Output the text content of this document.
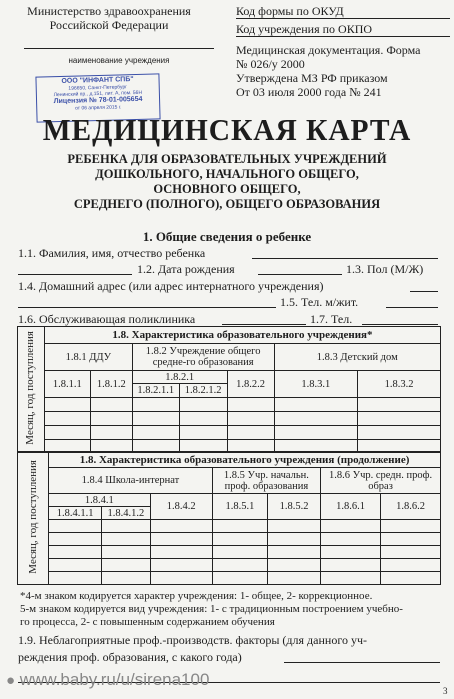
Министерство здравоохранения
Российской Федерации
наименование учреждения
ООО "ИНФАНТ СПБ"
196650, Санкт-Петербург
Ленинский пр., д.151, лит. А, пом. 56Н
Лицензия № 78-01-005654
от 06 апреля 2015 г.
Код формы по ОКУД
Код учреждения по ОКПО
Медицинская документация. Форма
№ 026/у 2000
Утверждена МЗ РФ приказом
От 03 июля 2000 года № 241
МЕДИЦИНСКАЯ КАРТА
РЕБЕНКА ДЛЯ ОБРАЗОВАТЕЛЬНЫХ УЧРЕЖДЕНИЙ
ДОШКОЛЬНОГО, НАЧАЛЬНОГО ОБЩЕГО,
ОСНОВНОГО ОБЩЕГО,
СРЕДНЕГО (ПОЛНОГО), ОБЩЕГО ОБРАЗОВАНИЯ
1. Общие сведения о ребенке
1.1. Фамилия, имя, отчество ребенка
1.2. Дата рождения	1.3. Пол (М/Ж)
1.4. Домашний адрес (или адрес интернатного учреждения)
1.5. Тел. м/жит.
1.6. Обслуживающая поликлиника	1.7. Тел.
Месяц, год поступления	1.8. Характеристика образовательного учреждения*						
	1.8.1 ДДУ		1.8.2 Учреждение общего средне-го образования			1.8.3 Детский дом	
	1.8.1.1	1.8.1.2	1.8.2.1		1.8.2.2	1.8.3.1	1.8.3.2
			1.8.2.1.1	1.8.2.1.2			

Месяц, год поступления	1.8. Характеристика образовательного учреждения (продолжение)						
	1.8.4 Школа-интернат			1.8.5 Учр. начальн. проф. образования		1.8.6 Учр. средн. проф. образ	
	1.8.4.1		1.8.4.2	1.8.5.1	1.8.5.2	1.8.6.1	1.8.6.2
	1.8.4.1.1	1.8.4.1.2					

*4-м знаком кодируется характер учреждения: 1- общее, 2- коррекционное.
5-м знаком кодируется вид учреждения: 1- с традиционным построением учебно-
го процесса, 2- с повышенным содержанием обучения
1.9. Неблагоприятные проф.-производств. факторы (для данного уч-
реждения проф. образования, с какого года)
● www.baby.ru/u/sirena100
3
